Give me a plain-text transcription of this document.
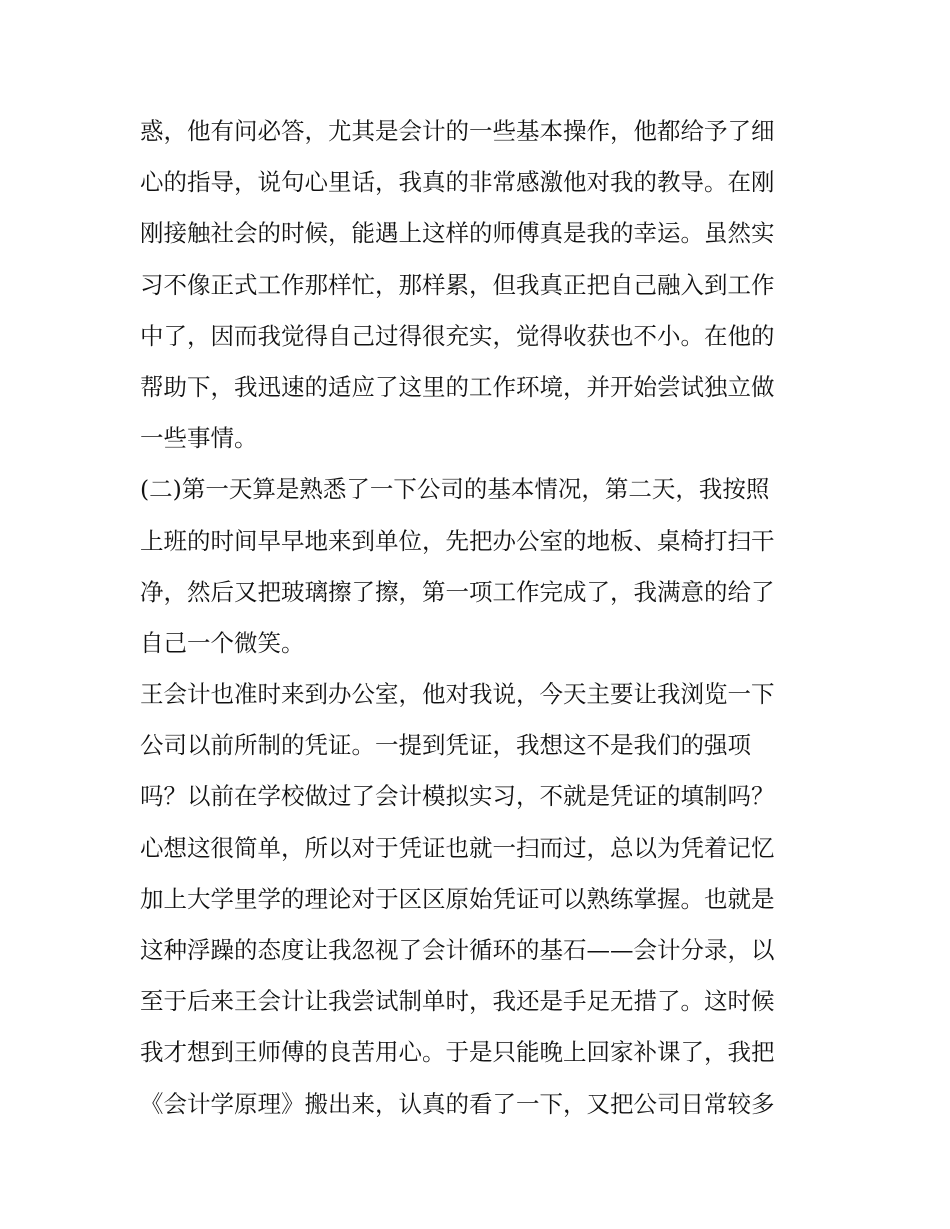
惑，他有问必答，尤其是会计的一些基本操作，他都给予了细
心的指导，说句心里话，我真的非常感激他对我的教导。在刚
刚接触社会的时候，能遇上这样的师傅真是我的幸运。虽然实
习不像正式工作那样忙，那样累，但我真正把自己融入到工作
中了，因而我觉得自己过得很充实，觉得收获也不小。在他的
帮助下，我迅速的适应了这里的工作环境，并开始尝试独立做
一些事情。
(二)第一天算是熟悉了一下公司的基本情况，第二天，我按照
上班的时间早早地来到单位，先把办公室的地板、桌椅打扫干
净，然后又把玻璃擦了擦，第一项工作完成了，我满意的给了
自己一个微笑。
王会计也准时来到办公室，他对我说，今天主要让我浏览一下
公司以前所制的凭证。一提到凭证，我想这不是我们的强项
吗？以前在学校做过了会计模拟实习，不就是凭证的填制吗？
心想这很简单，所以对于凭证也就一扫而过，总以为凭着记忆
加上大学里学的理论对于区区原始凭证可以熟练掌握。也就是
这种浮躁的态度让我忽视了会计循环的基石——会计分录，以
至于后来王会计让我尝试制单时，我还是手足无措了。这时候
我才想到王师傅的良苦用心。于是只能晚上回家补课了，我把
《会计学原理》搬出来，认真的看了一下，又把公司日常较多
